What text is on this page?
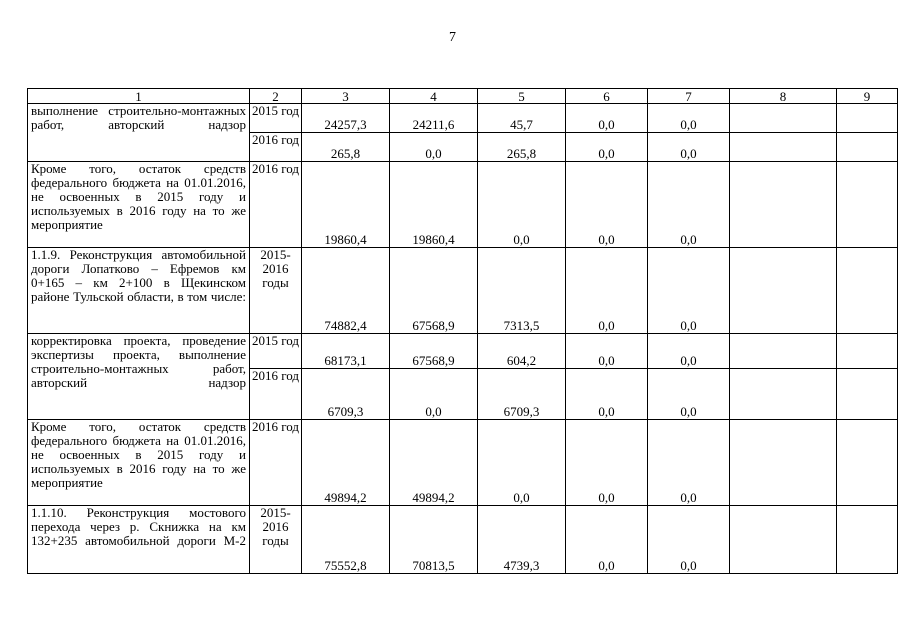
7
1	2	3	4	5	6	7	8	9
выполнение строительно-монтажных работ, авторский надзор	2015 год	24257,3	24211,6	45,7	0,0	0,0		
	2016 год	265,8	0,0	265,8	0,0	0,0		
Кроме того, остаток средств федерального бюджета на 01.01.2016, не освоенных в 2015 году и используемых в 2016 году на то же мероприятие	2016 год	19860,4	19860,4	0,0	0,0	0,0		
1.1.9. Реконструкция автомобильной дороги Лопатково – Ефремов км 0+165 – км 2+100 в Щекинском районе Тульской области, в том числе:	2015-2016 годы	74882,4	67568,9	7313,5	0,0	0,0		
корректировка проекта, проведение экспертизы проекта, выполнение строительно-монтажных работ, авторский надзор	2015 год	68173,1	67568,9	604,2	0,0	0,0		
	2016 год	6709,3	0,0	6709,3	0,0	0,0		
Кроме того, остаток средств федерального бюджета на 01.01.2016, не освоенных в 2015 году и используемых в 2016 году на то же мероприятие	2016 год	49894,2	49894,2	0,0	0,0	0,0		
1.1.10. Реконструкция мостового перехода через р. Скнижка на км 132+235 автомобильной дороги М-2	2015-2016 годы	75552,8	70813,5	4739,3	0,0	0,0		
